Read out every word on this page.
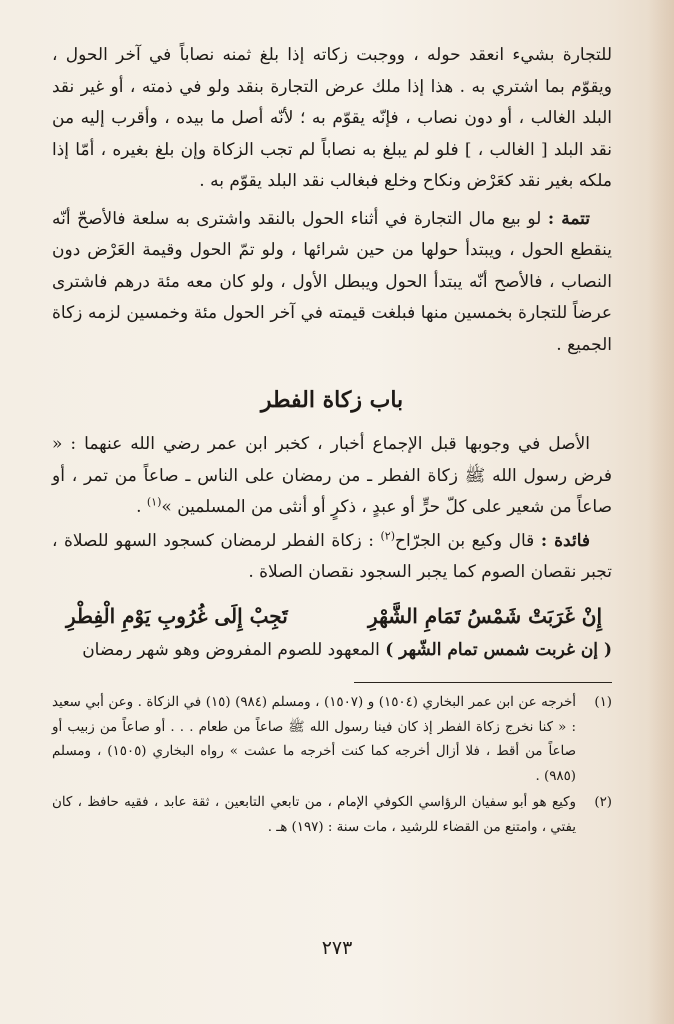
للتجارة بشيء انعقد حوله ، ووجبت زكاته إذا بلغ ثمنه نصاباً في آخر الحول ، ويقوّم بما اشتري به . هذا إذا ملك عرض التجارة بنقد ولو في ذمته ، أو غير نقد البلد الغالب ، أو دون نصاب ، فإنّه يقوّم به ؛ لأنّه أصل ما بيده ، وأقرب إليه من نقد البلد [ الغالب ، ] فلو لم يبلغ به نصاباً لم تجب الزكاة وإن بلغ بغيره ، أمّا إذا ملكه بغير نقد كعَرْض ونكاح وخلع فبغالب نقد البلد يقوّم به .

تتمة : لو بيع مال التجارة في أثناء الحول بالنقد واشترى به سلعة فالأصحّ أنّه ينقطع الحول ، ويبتدأ حولها من حين شرائها ، ولو تمّ الحول وقيمة العَرْض دون النصاب ، فالأصح أنّه يبتدأ الحول ويبطل الأول ، ولو كان معه مئة درهم فاشترى عرضاً للتجارة بخمسين منها فبلغت قيمته في آخر الحول مئة وخمسين لزمه زكاة الجميع .

باب زكاة الفطر

الأصل في وجوبها قبل الإجماع أخبار ، كخبر ابن عمر رضي الله عنهما : « فرض رسول الله ﷺ زكاة الفطر ـ من رمضان على الناس ـ صاعاً من تمر ، أو صاعاً من شعير على كلّ حرٍّ أو عبدٍ ، ذكرٍ أو أنثى من المسلمين »$^{(١)}$ .

فائدة : قال وكيع بن الجرّاح$^{(٢)}$ : زكاة الفطر لرمضان كسجود السهو للصلاة ، تجبر نقصان الصوم كما يجبر السجود نقصان الصلاة .

إِنْ غَرَبَتْ شَمْسُ تَمَامِ الشَّهْرِ
تَجِبْ إِلَى غُرُوبِ يَوْمِ الْفِطْرِ

( إن غربت شمس تمام الشّهر ) المعهود للصوم المفروض وهو شهر رمضان

(١)
أخرجه عن ابن عمر البخاري (١٥٠٤) و (١٥٠٧) ، ومسلم (٩٨٤) (١٥) في الزكاة . وعن أبي سعيد : « كنا نخرج زكاة الفطر إذ كان فينا رسول الله ﷺ صاعاً من طعام . . . أو صاعاً من زبيب أو صاعاً من أقط ، فلا أزال أخرجه كما كنت أخرجه ما عشت » رواه البخاري (١٥٠٥) ، ومسلم (٩٨٥) .
(٢)
وكيع هو أبو سفيان الرؤاسي الكوفي الإمام ، من تابعي التابعين ، ثقة عابد ، فقيه حافظ ، كان يفتي ، وامتنع من القضاء للرشيد ، مات سنة : (١٩٧) هـ .
٢٧٣
